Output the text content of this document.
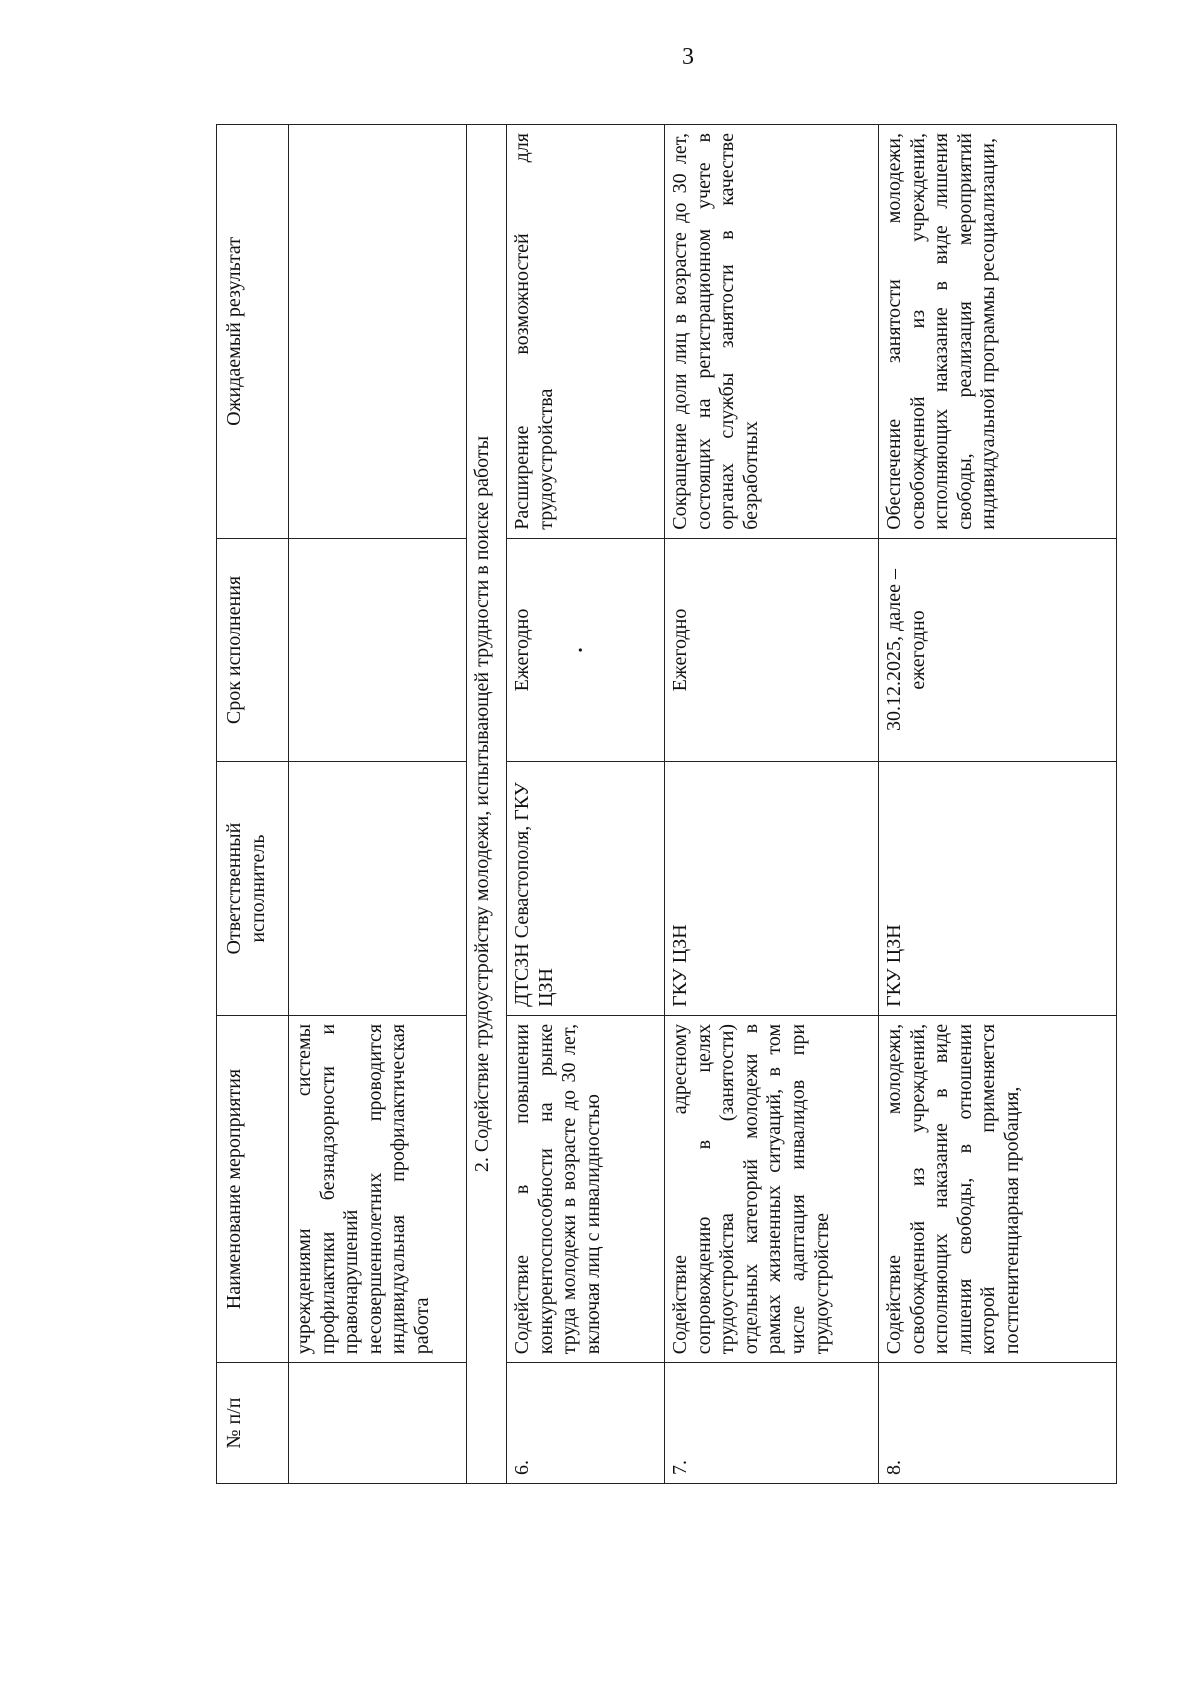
3
№ п/п	Наименование мероприятия	Ответственный исполнитель	Срок исполнения	Ожидаемый результат
	учреждениями системы профилактики безнадзорности и правонарушений несовершеннолетних проводится индивидуальная профилактическая работа			
2. Содействие трудоустройству молодежи, испытывающей трудности в поиске работы				
6.	Содействие в повышении конкурентоспособности на рынке труда молодежи в возрасте до 30 лет, включая лиц с инвалидностью	ДТСЗН Севастополя, ГКУ ЦЗН	Ежегодно .	Расширение возможностей для трудоустройства
7.	Содействие адресному сопровождению в целях трудоустройства (занятости) отдельных категорий молодежи в рамках жизненных ситуаций, в том числе адаптация инвалидов при трудоустройстве	ГКУ ЦЗН	Ежегодно	Сокращение доли лиц в возрасте до 30 лет, состоящих на регистрационном учете в органах службы занятости в качестве безработных
8.	Содействие молодежи, освобожденной из учреждений, исполняющих наказание в виде лишения свободы, в отношении которой применяется постпенитенциарная пробация,	ГКУ ЦЗН	30.12.2025, далее – ежегодно	Обеспечение занятости молодежи, освобожденной из учреждений, исполняющих наказание в виде лишения свободы, реализация мероприятий индивидуальной программы ресоциализации,
